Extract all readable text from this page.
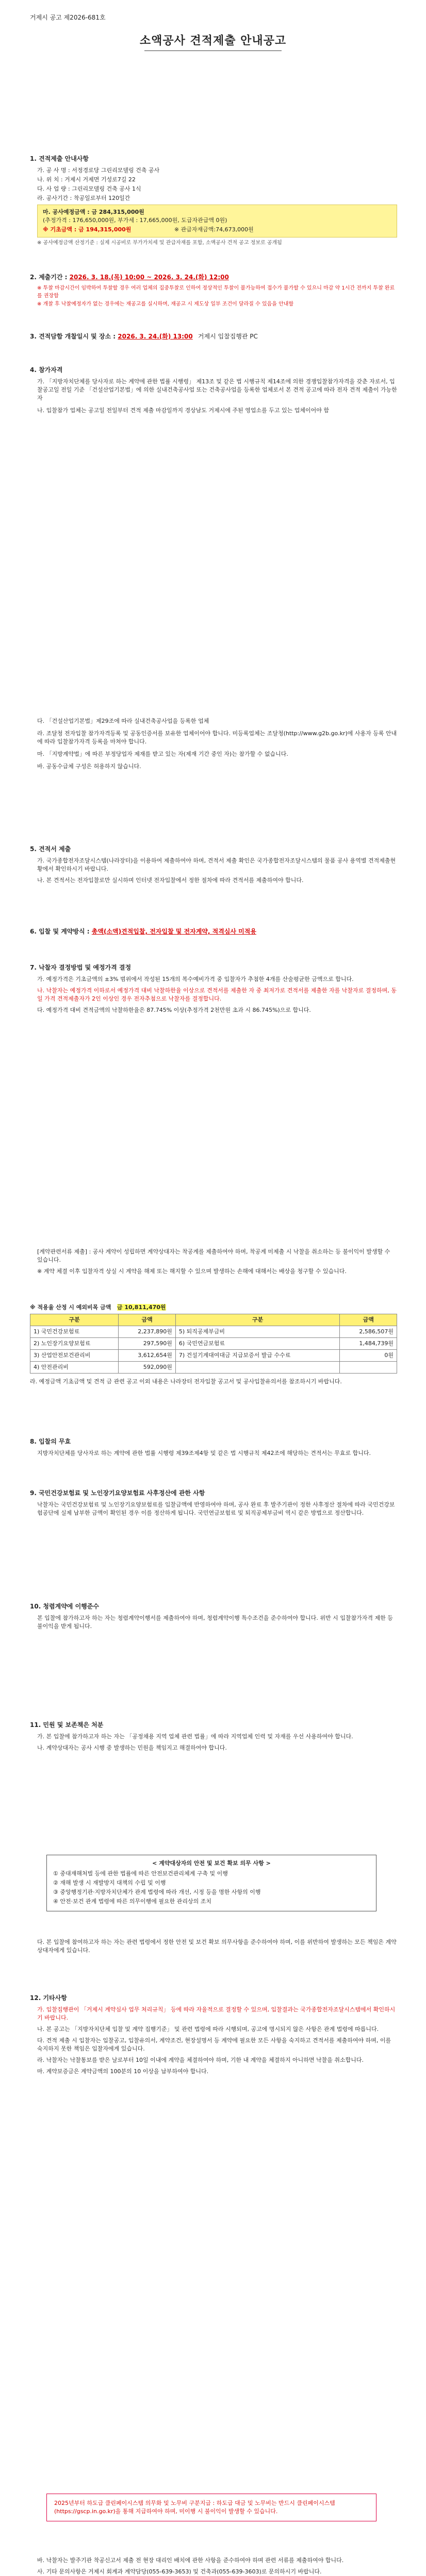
거제시 공고 제2026-681호
소액공사 견적제출 안내공고
1. 견적제출 안내사항
가. 공 사 명 : 서정경로당 그린리모델링 건축 공사
나. 위 치 : 거제시 거제면 기성로7길 22
다. 사 업 량 : 그린리모델링 건축 공사 1식
라. 공사기간 : 착공일로부터 120일간
마. 공사예정금액 : 금 284,315,000원
(추정가격 : 176,650,000원, 부가세 : 17,665,000원, 도급자관급액 0원)
※ 기초금액 : 금 194,315,000원	※ 관급자재금액:74,673,000원
※ 공사예정금액 산정기준 : 실제 시공비로 부가가치세 및 관급자재를 포함, 소액공사 견적 공고 정보로 공개됨
2. 제출기간 : 2026. 3. 18.(목) 10:00 ~ 2026. 3. 24.(화) 12:00
※ 투찰 마감시간이 임박하여 투찰할 경우 여러 업체의 집중투찰로 인하여 정상적인 투찰이 불가능하여 접수가 불가할 수 있으니 마감 약 1시간 전까지 투찰 완료를 권장함
※ 개찰 후 낙찰예정자가 없는 경우에는 재공고를 실시하며, 재공고 시 제도상 일부 조건이 달라질 수 있음을 안내함
3. 견적담합 개찰일시 및 장소 : 2026. 3. 24.(화) 13:00 거제시 입찰집행관 PC
4. 참가자격
가. 「지방자치단체를 당사자로 하는 계약에 관한 법률 시행령」 제13조 및 같은 법 시행규칙 제14조에 의한 경쟁입찰참가자격을 갖춘 자로서, 입찰공고일 전일 기준 「건설산업기본법」에 의한 실내건축공사업 또는 건축공사업을 등록한 업체로서 본 견적 공고에 따라 전자 견적 제출이 가능한 자
나. 입찰참가 업체는 공고일 전일부터 견적 제출 마감일까지 경상남도 거제시에 주된 영업소를 두고 있는 업체이어야 함
다. 「건설산업기본법」제29조에 따라 실내건축공사업을 등록한 업체
라. 조달청 전자입찰 참가자격등록 및 공동인증서를 보유한 업체이어야 합니다. 미등록업체는 조달청(http://www.g2b.go.kr)에 사용자 등록 안내에 따라 입찰참가자격 등록을 마쳐야 합니다.
마. 「지방계약법」에 따른 부정당업자 제재를 받고 있는 자(제재 기간 중인 자)는 참가할 수 없습니다.
바. 공동수급체 구성은 허용하지 않습니다.
5. 견적서 제출
가. 국가종합전자조달시스템(나라장터)을 이용하여 제출하여야 하며, 견적서 제출 확인은 국가종합전자조달시스템의 물품 공사 용역별 견적제출현황에서 확인하시기 바랍니다.
나. 본 견적서는 전자입찰로만 실시하며 인터넷 전자입찰에서 정한 절차에 따라 견적서를 제출하여야 합니다.
6. 입찰 및 계약방식 : 총액(소액)견적입찰, 전자입찰 및 전자계약, 적격심사 미적용
7. 낙찰자 결정방법 및 예정가격 결정
가. 예정가격은 기초금액의 ±3% 범위에서 작성된 15개의 복수예비가격 중 입찰자가 추첨한 4개를 산술평균한 금액으로 합니다.
나. 낙찰자는 예정가격 이하로서 예정가격 대비 낙찰하한율 이상으로 견적서를 제출한 자 중 최저가로 견적서를 제출한 자를 낙찰자로 결정하며, 동일 가격 견적제출자가 2인 이상인 경우 전자추첨으로 낙찰자를 결정합니다.
다. 예정가격 대비 견적금액의 낙찰하한율은 87.745% 이상(추정가격 2천만원 초과 시 86.745%)으로 합니다.
[계약관련서류 제출] : 공사 계약이 성립하면 계약상대자는 착공계를 제출하여야 하며, 착공계 미제출 시 낙찰을 취소하는 등 불이익이 발생할 수 있습니다.
※ 계약 체결 이후 입찰자격 상실 시 계약을 해제 또는 해지할 수 있으며 발생하는 손해에 대해서는 배상을 청구할 수 있습니다.
※ 적용율 산정 시 예외비목 금액 금 10,811,470원
구분	금액	구분	금액
1) 국민건강보험료	2,237,890원	5) 퇴직공제부금비	2,586,507원
2) 노인장기요양보험료	297,590원	6) 국민연금보험료	1,484,739원
3) 산업안전보건관리비	3,612,654원	7) 건설기계대여대금 지급보증서 발급 수수료	0원
4) 안전관리비	592,090원		
라. 예정금액 기초금액 및 견적 금 관련 공고 이외 내용은 나라장터 전자입찰 공고서 및 공사입찰유의서를 참조하시기 바랍니다.
8. 입찰의 무효
지방자치단체를 당사자로 하는 계약에 관한 법률 시행령 제39조제4항 및 같은 법 시행규칙 제42조에 해당하는 견적서는 무효로 합니다.
9. 국민건강보험료 및 노인장기요양보험료 사후정산에 관한 사항
낙찰자는 국민건강보험료 및 노인장기요양보험료를 입찰금액에 반영하여야 하며, 공사 완료 후 발주기관이 정한 사후정산 절차에 따라 국민건강보험공단에 실제 납부한 금액이 확인된 경우 이를 정산하게 됩니다. 국민연금보험료 및 퇴직공제부금비 역시 같은 방법으로 정산합니다.
10. 청렴계약에 이행준수
본 입찰에 참가하고자 하는 자는 청렴계약이행서를 제출하여야 하며, 청렴계약이행 특수조건을 준수하여야 합니다. 위반 시 입찰참가자격 제한 등 불이익을 받게 됩니다.
11. 민원 및 보존책은 처분
가. 본 입찰에 참가하고자 하는 자는 「공정채용 지역 업체 관련 법률」에 따라 지역업체 인력 및 자재를 우선 사용하여야 합니다.
나. 계약상대자는 공사 시행 중 발생하는 민원을 책임지고 해결하여야 합니다.
< 계약대상자의 안전 및 보건 확보 의무 사항 >
① 중대재해처벌 등에 관한 법률에 따른 안전보건관리체계 구축 및 이행
② 재해 발생 시 재발방지 대책의 수립 및 이행
③ 중앙행정기관·지방자치단체가 관계 법령에 따라 개선, 시정 등을 명한 사항의 이행
④ 안전·보건 관계 법령에 따른 의무이행에 필요한 관리상의 조치
다. 본 입찰에 참여하고자 하는 자는 관련 법령에서 정한 안전 및 보건 확보 의무사항을 준수하여야 하며, 이를 위반하여 발생하는 모든 책임은 계약상대자에게 있습니다.
12. 기타사항
가. 입찰집행관이 「거제시 계약심사 업무 처리규칙」 등에 따라 자율적으로 결정할 수 있으며, 입찰결과는 국가종합전자조달시스템에서 확인하시기 바랍니다.
나. 본 공고는 「지방자치단체 입찰 및 계약 집행기준」 및 관련 법령에 따라 시행되며, 공고에 명시되지 않은 사항은 관계 법령에 따릅니다.
다. 견적 제출 시 입찰자는 입찰공고, 입찰유의서, 계약조건, 현장설명서 등 계약에 필요한 모든 사항을 숙지하고 견적서를 제출하여야 하며, 이를 숙지하지 못한 책임은 입찰자에게 있습니다.
라. 낙찰자는 낙찰통보를 받은 날로부터 10일 이내에 계약을 체결하여야 하며, 기한 내 계약을 체결하지 아니하면 낙찰을 취소합니다.
마. 계약보증금은 계약금액의 100분의 10 이상을 납부하여야 합니다.
2025년부터 하도급 클린페이시스템 의무화 및 노무비 구분지급 : 하도급 대금 및 노무비는 반드시 클린페이시스템(https://gscp.in.go.kr)을 통해 지급하여야 하며, 미이행 시 불이익이 발생할 수 있습니다.
바. 낙찰자는 발주기관 착공신고서 제출 전 현장 대리인 배치에 관한 사항을 준수하여야 하며 관련 서류를 제출하여야 합니다.
사. 기타 문의사항은 거제시 회계과 계약담당(055-639-3653) 및 건축과(055-639-3603)로 문의하시기 바랍니다.
